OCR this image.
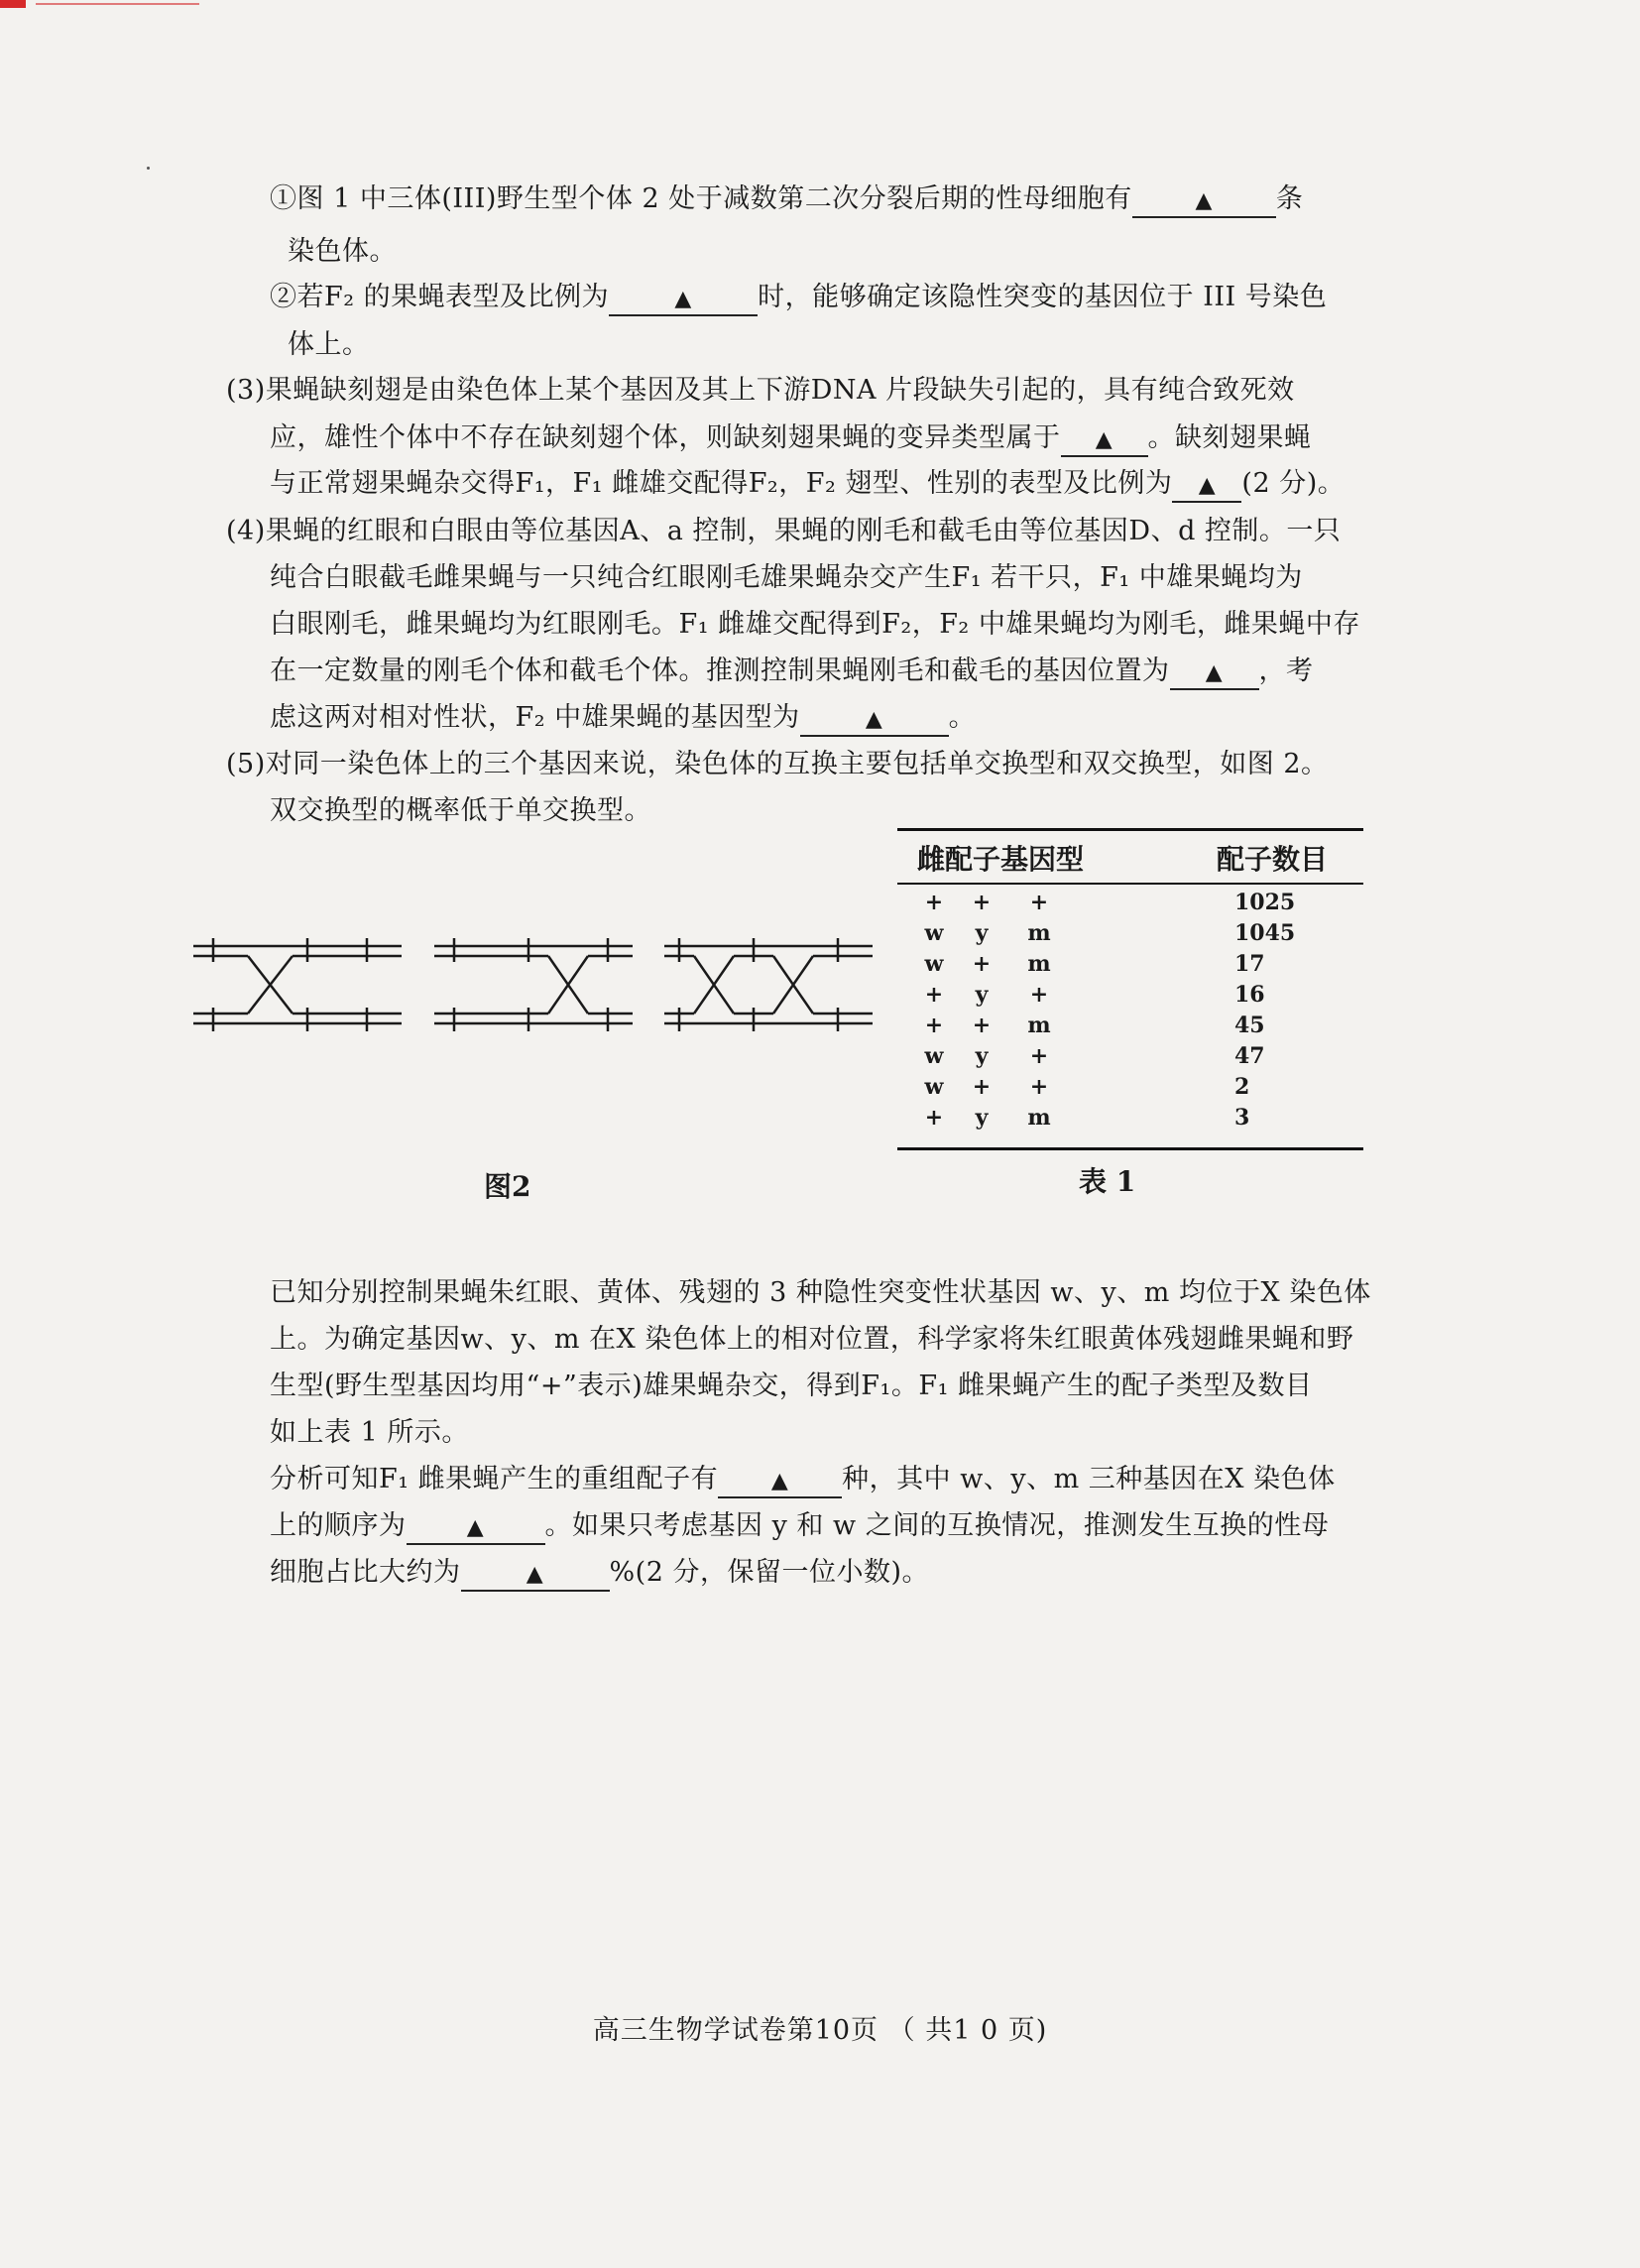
①图 1 中三体(III)野生型个体 2 处于减数第二次分裂后期的性母细胞有	▲ 条
染色体。
②若F₂ 的果蝇表型及比例为	▲ 时，能够确定该隐性突变的基因位于 III 号染色
体上。
(3)果蝇缺刻翅是由染色体上某个基因及其上下游DNA 片段缺失引起的，具有纯合致死效
应，雄性个体中不存在缺刻翅个体，则缺刻翅果蝇的变异类型属于 ▲ 。缺刻翅果蝇
与正常翅果蝇杂交得F₁，F₁ 雌雄交配得F₂，F₂ 翅型、性别的表型及比例为 ▲ (2 分)。
(4)果蝇的红眼和白眼由等位基因A、a 控制，果蝇的刚毛和截毛由等位基因D、d 控制。一只
纯合白眼截毛雌果蝇与一只纯合红眼刚毛雄果蝇杂交产生F₁ 若干只，F₁ 中雄果蝇均为
白眼刚毛，雌果蝇均为红眼刚毛。F₁ 雌雄交配得到F₂，F₂ 中雄果蝇均为刚毛，雌果蝇中存
在一定数量的刚毛个体和截毛个体。推测控制果蝇刚毛和截毛的基因位置为 ▲ ，考
虑这两对相对性状，F₂ 中雄果蝇的基因型为	▲ 。
(5)对同一染色体上的三个基因来说，染色体的互换主要包括单交换型和双交换型，如图 2。
双交换型的概率低于单交换型。
图2
雌配子基因型	配子数目
+ + +	1025
w	y	m	1045
w + m	17
+	y	+	16
+ + m	45
w	y	+	47
w + +	2
+	y	m	3
表 1
已知分别控制果蝇朱红眼、黄体、残翅的 3 种隐性突变性状基因 w、y、m 均位于X 染色体
上。为确定基因w、y、m 在X 染色体上的相对位置，科学家将朱红眼黄体残翅雌果蝇和野
生型(野生型基因均用“+”表示)雄果蝇杂交，得到F₁。F₁ 雌果蝇产生的配子类型及数目
如上表 1 所示。
分析可知F₁ 雌果蝇产生的重组配子有 ▲ 种，其中 w、y、m 三种基因在X 染色体
上的顺序为	▲ 。如果只考虑基因 y 和 w 之间的互换情况，推测发生互换的性母
细胞占比大约为	▲ %(2 分，保留一位小数)。
高三生物学试卷第10页 （ 共1 0 页)
